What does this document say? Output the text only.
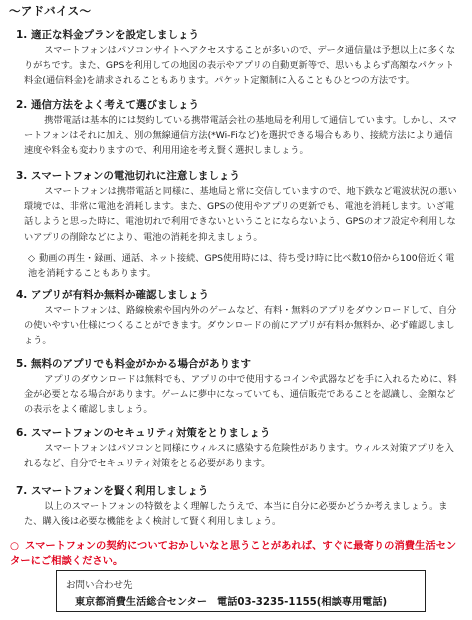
〜アドバイス〜
1. 適正な料金プランを設定しましょう

スマートフォンはパソコンサイトへアクセスすることが多いので、データ通信量は予想以上に多くなりがちです。また、GPSを利用しての地図の表示やアプリの自動更新等で、思いもよらず高額なパケット料金(通信料金)を請求されることもあります。パケット定額制に入ることもひとつの方法です。

2. 通信方法をよく考えて選びましょう

携帯電話は基本的には契約している携帯電話会社の基地局を利用して通信しています。しかし、スマートフォンはそれに加え、別の無線通信方法(*Wi-Fiなど)を選択できる場合もあり、接続方法により通信速度や料金も変わりますので、利用用途を考え賢く選択しましょう。

3. スマートフォンの電池切れに注意しましょう

スマートフォンは携帯電話と同様に、基地局と常に交信していますので、地下鉄など電波状況の悪い環境では、非常に電池を消耗します。また、GPSの使用やアプリの更新でも、電池を消耗します。いざ電話しようと思った時に、電池切れで利用できないということにならないよう、GPSのオフ設定や利用しないアプリの削除などにより、電池の消耗を抑えましょう。

◇ 動画の再生・録画、通話、ネット接続、GPS使用時には、待ち受け時に比べ数10倍から100倍近く電池を消耗することもあります。

4. アプリが有料か無料か確認しましょう

スマートフォンは、路線検索や国内外のゲームなど、有料・無料のアプリをダウンロードして、自分の使いやすい仕様につくることができます。ダウンロードの前にアプリが有料か無料か、必ず確認しましょう。

5. 無料のアプリでも料金がかかる場合があります

アプリのダウンロードは無料でも、アプリの中で使用するコインや武器などを手に入れるために、料金が必要となる場合があります。ゲームに夢中になっていても、通信販売であることを認識し、金額などの表示をよく確認しましょう。

6. スマートフォンのセキュリティ対策をとりましょう

スマートフォンはパソコンと同様にウィルスに感染する危険性があります。ウィルス対策アプリを入れるなど、自分でセキュリティ対策をとる必要があります。

7. スマートフォンを賢く利用しましょう

以上のスマートフォンの特徴をよく理解したうえで、本当に自分に必要かどうか考えましょう。また、購入後は必要な機能をよく検討して賢く利用しましょう。

○ スマートフォンの契約についておかしいなと思うことがあれば、すぐに最寄りの消費生活センターにご相談ください。
お問い合わせ先
東京都消費生活総合センター 電話03-3235-1155(相談専用電話)
